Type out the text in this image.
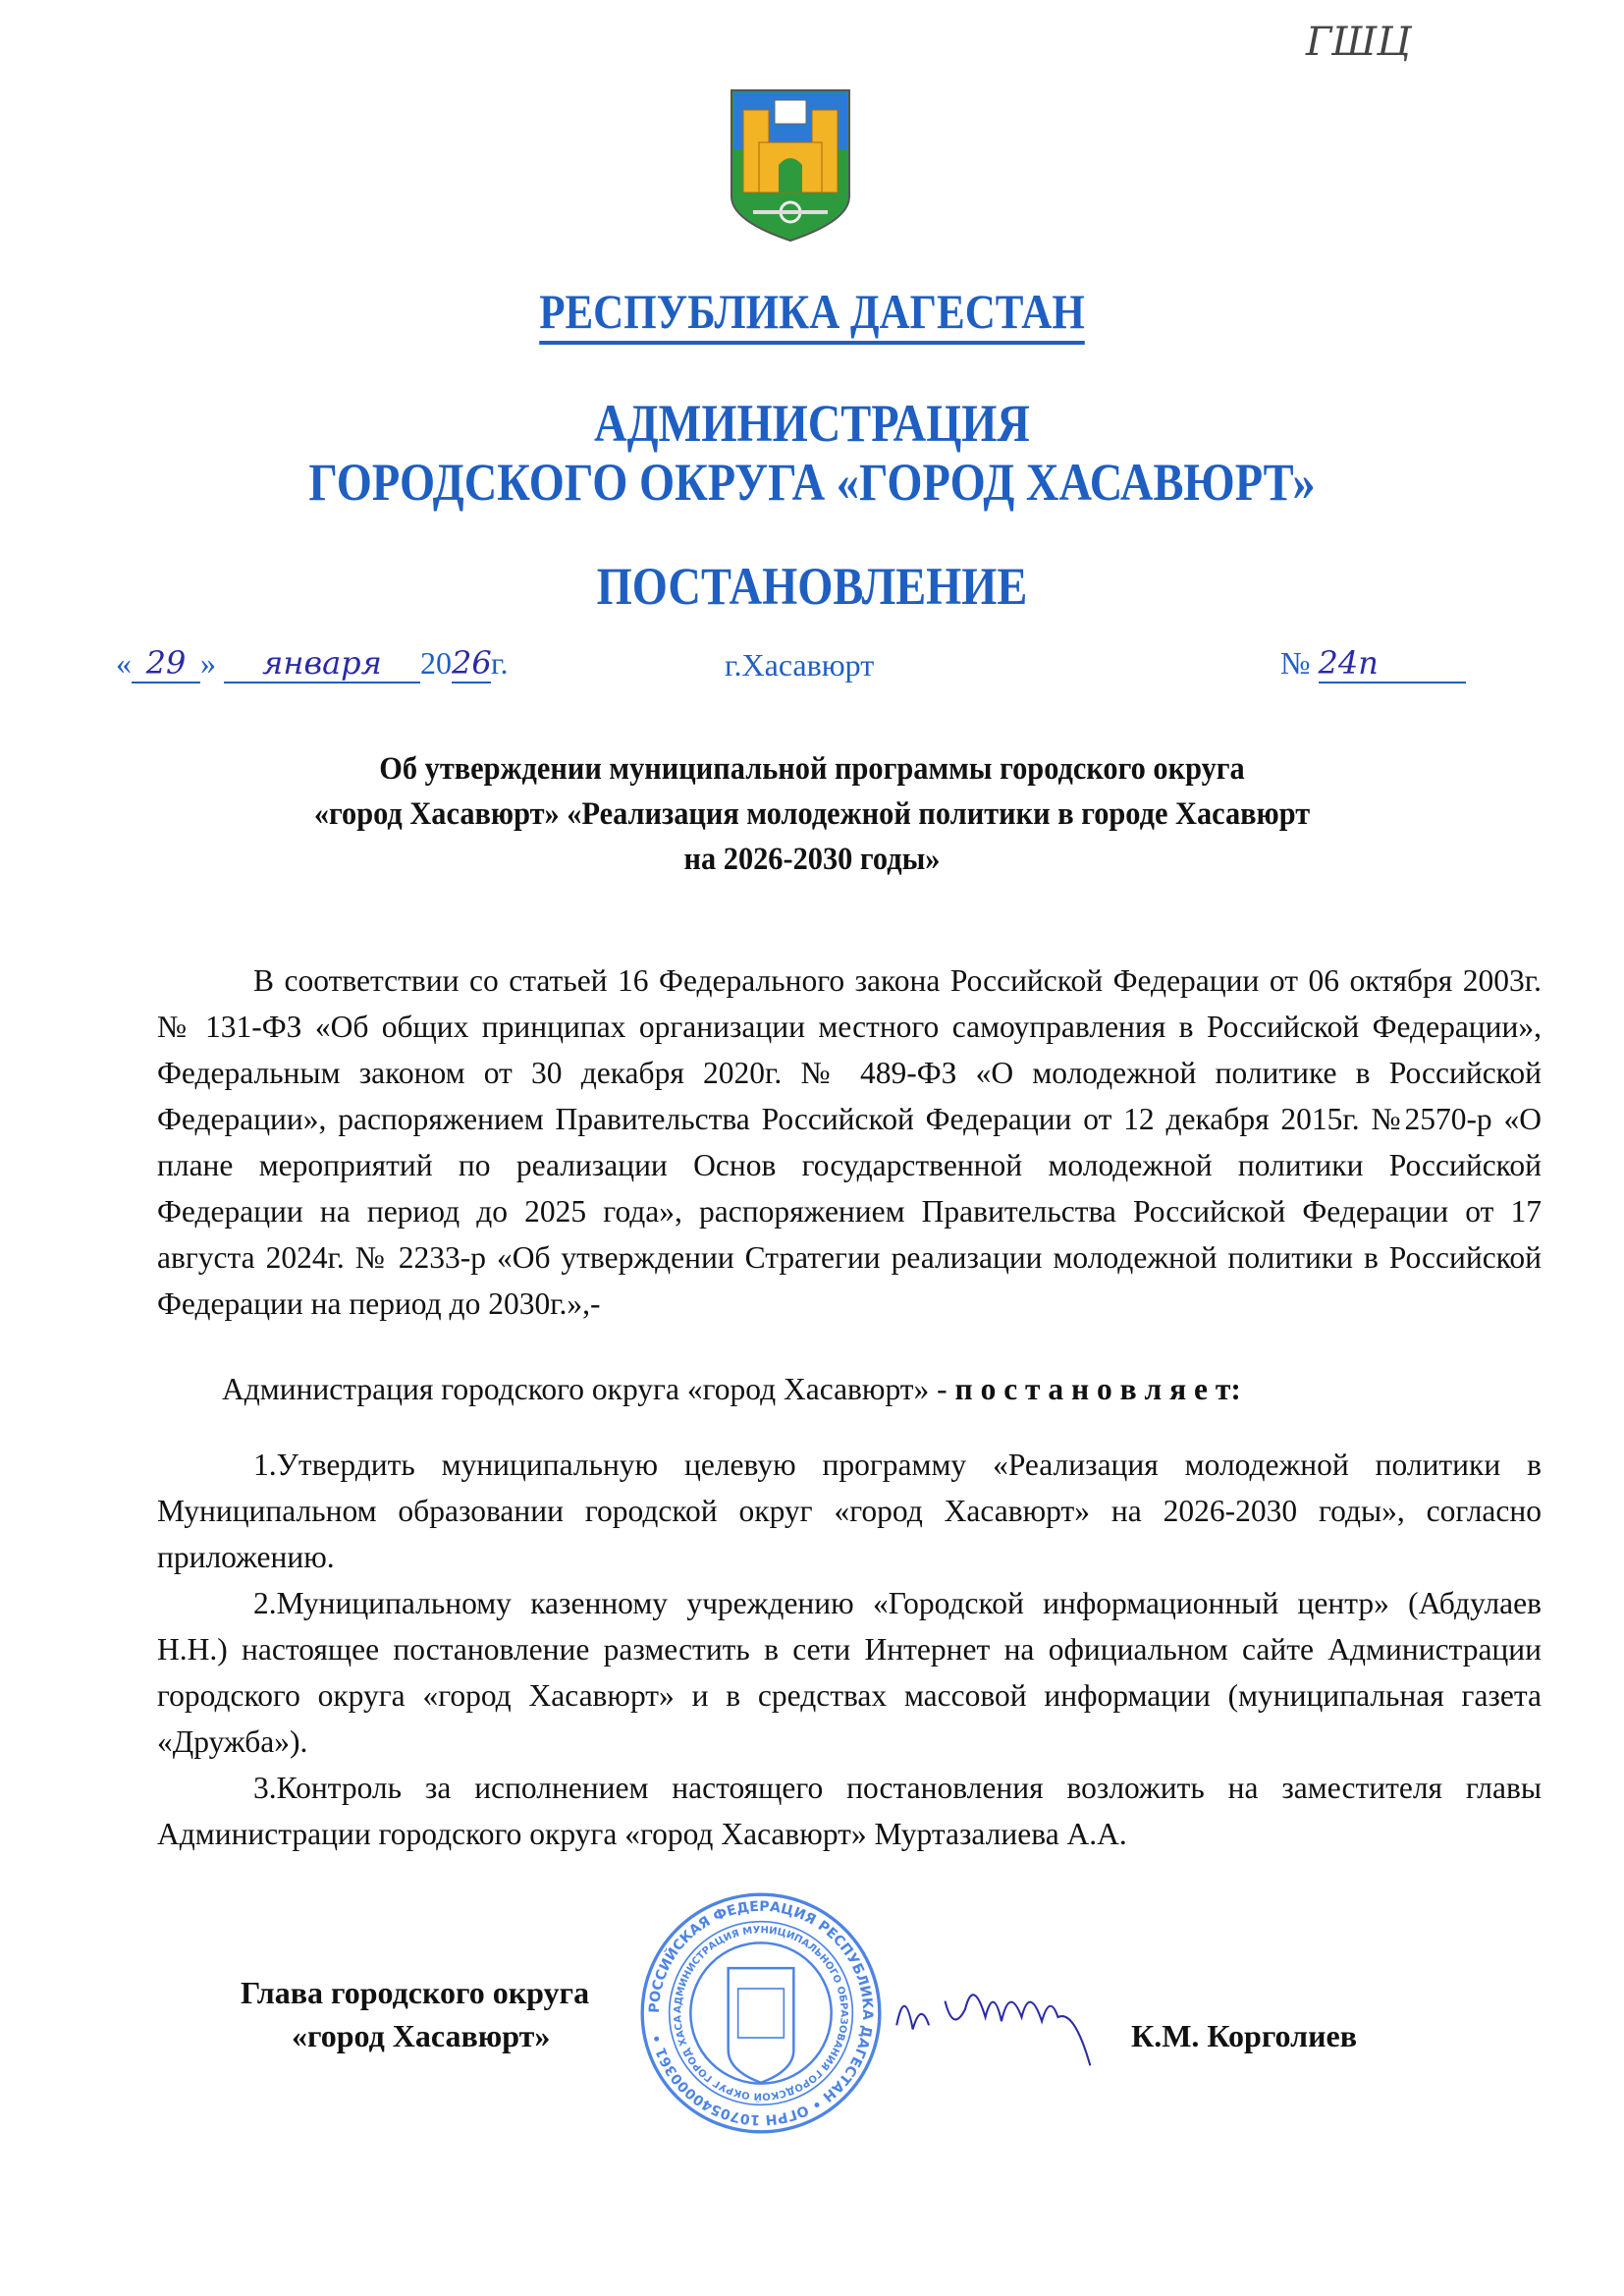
ГШЦ
РЕСПУБЛИКА ДАГЕСТАН
АДМИНИСТРАЦИЯ
ГОРОДСКОГО ОКРУГА «ГОРОД ХАСАВЮРТ»
ПОСТАНОВЛЕНИЕ
« 29 » января 2026г.	г.Хасавюрт	№ 24п
Об утверждении муниципальной программы городского округа
«город Хасавюрт» «Реализация молодежной политики в городе Хасавюрт
на 2026-2030 годы»

В соответствии со статьей 16 Федерального закона Российской Федерации от 06 октября 2003г. № 131-ФЗ «Об общих принципах организации местного самоуправления в Российской Федерации», Федеральным законом от 30 декабря 2020г. № 489-ФЗ «О молодежной политике в Российской Федерации», распоряжением Правительства Российской Федерации от 12 декабря 2015г. №2570-р «О плане мероприятий по реализации Основ государственной молодежной политики Российской Федерации на период до 2025 года», распоряжением Правительства Российской Федерации от 17 августа 2024г. № 2233-р «Об утверждении Стратегии реализации молодежной политики в Российской Федерации на период до 2030г.»,-

Администрация городского округа «город Хасавюрт» - п о с т а н о в л я е т:

1.Утвердить муниципальную целевую программу «Реализация молодежной политики в Муниципальном образовании городской округ «город Хасавюрт» на 2026-2030 годы», согласно приложению.

2.Муниципальному казенному учреждению «Городской информационный центр» (Абдулаев Н.Н.) настоящее постановление разместить в сети Интернет на официальном сайте Администрации городского округа «город Хасавюрт» и в средствах массовой информации (муниципальная газета «Дружба»).

3.Контроль за исполнением настоящего постановления возложить на заместителя главы Администрации городского округа «город Хасавюрт» Муртазалиева А.А.

Глава городского округа
«город Хасавюрт»
РОССИЙСКАЯ ФЕДЕРАЦИЯ РЕСПУБЛИКА ДАГЕСТАН • ОГРН 1070540000361 •
АДМИНИСТРАЦИЯ МУНИЦИПАЛЬНОГО ОБРАЗОВАНИЯ ГОРОДСКОЙ ОКРУГ ГОРОД ХАСА	К.М. Корголиев
